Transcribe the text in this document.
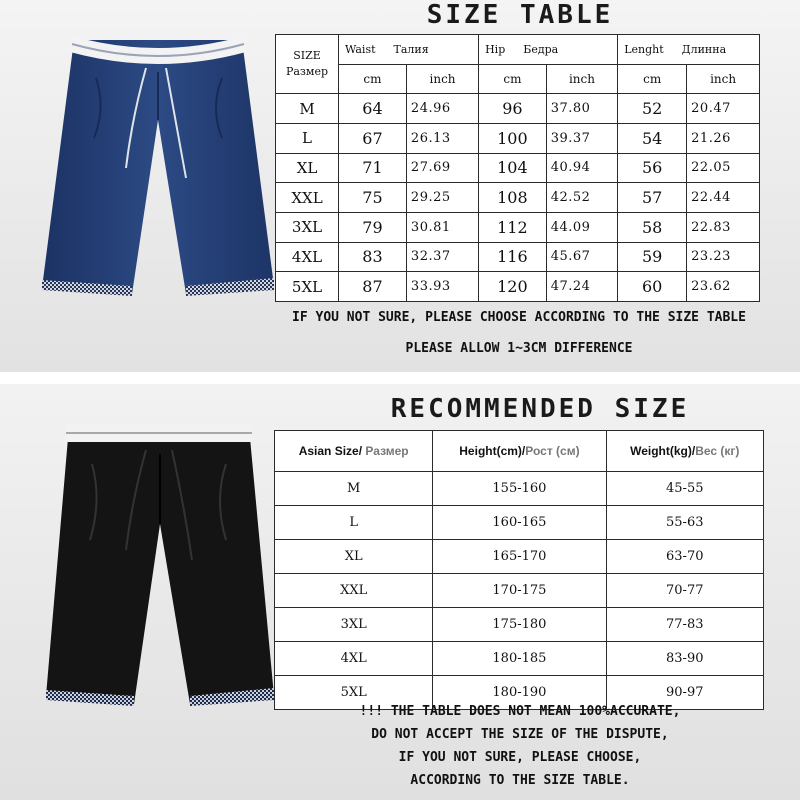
SIZE TABLE
SIZE
Размер	Waist Талия		Hip Бедра		Lenght Длинна	
	cm	inch	cm	inch	cm	inch
M	64	24.96	96	37.80	52	20.47
L	67	26.13	100	39.37	54	21.26
XL	71	27.69	104	40.94	56	22.05
XXL	75	29.25	108	42.52	57	22.44
3XL	79	30.81	112	44.09	58	22.83
4XL	83	32.37	116	45.67	59	23.23
5XL	87	33.93	120	47.24	60	23.62
IF YOU NOT SURE, PLEASE CHOOSE ACCORDING TO THE SIZE TABLE
PLEASE ALLOW 1~3CM DIFFERENCE
RECOMMENDED SIZE
Asian Size/ Размер	Height(cm)/Рост (см)	Weight(kg)/Вес (кг)
M	155-160	45-55
L	160-165	55-63
XL	165-170	63-70
XXL	170-175	70-77
3XL	175-180	77-83
4XL	180-185	83-90
5XL	180-190	90-97
!!! THE TABLE DOES NOT MEAN 100%ACCURATE,
DO NOT ACCEPT THE SIZE OF THE DISPUTE,
IF YOU NOT SURE, PLEASE CHOOSE,
ACCORDING TO THE SIZE TABLE.
